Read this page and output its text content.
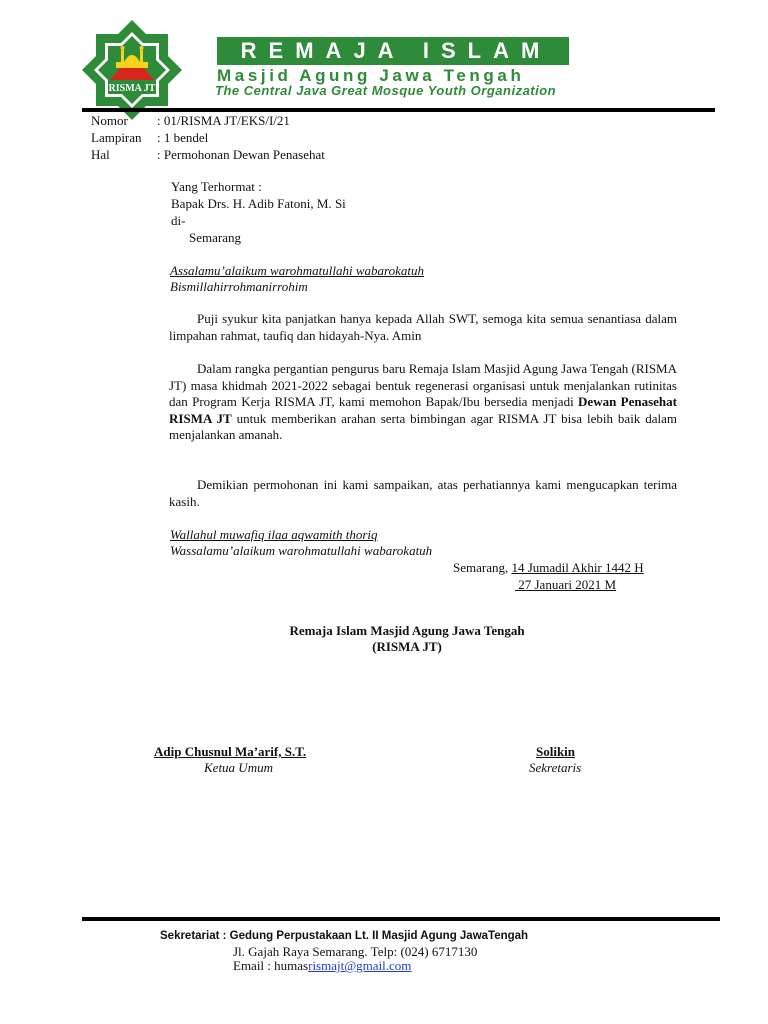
RISMA JT
REMAJA ISLAM
Masjid Agung Jawa Tengah
The Central Java Great Mosque Youth Organization
Nomor : 01/RISMA JT/EKS/I/21
Lampiran : 1 bendel
Hal	: Permohonan Dewan Penasehat
Yang Terhormat :
Bapak Drs. H. Adib Fatoni, M. Si
di-
Semarang
Assalamu’alaikum warohmatullahi wabarokatuh
Bismillahirrohmanirrohim
Puji syukur kita panjatkan hanya kepada Allah SWT, semoga kita semua senantiasa dalam limpahan rahmat, taufiq dan hidayah-Nya. Amin
Dalam rangka pergantian pengurus baru Remaja Islam Masjid Agung Jawa Tengah (RISMA JT) masa khidmah 2021-2022 sebagai bentuk regenerasi organisasi untuk menjalankan rutinitas dan Program Kerja RISMA JT, kami memohon Bapak/Ibu bersedia menjadi Dewan Penasehat RISMA JT untuk memberikan arahan serta bimbingan agar RISMA JT bisa lebih baik dalam menjalankan amanah.
Demikian permohonan ini kami sampaikan, atas perhatiannya kami mengucapkan terima kasih.
Wallahul muwafiq ilaa aqwamith thoriq
Wassalamu’alaikum warohmatullahi wabarokatuh
Semarang, 14 Jumadil Akhir 1442 H
27 Januari 2021 M
Remaja Islam Masjid Agung Jawa Tengah
(RISMA JT)
Adip Chusnul Ma’arif, S.T.
Ketua Umum
Solikin
Sekretaris
Sekretariat : Gedung Perpustakaan Lt. II Masjid Agung JawaTengah
Jl. Gajah Raya Semarang. Telp: (024) 6717130
Email : humasrismajt@gmail.com
